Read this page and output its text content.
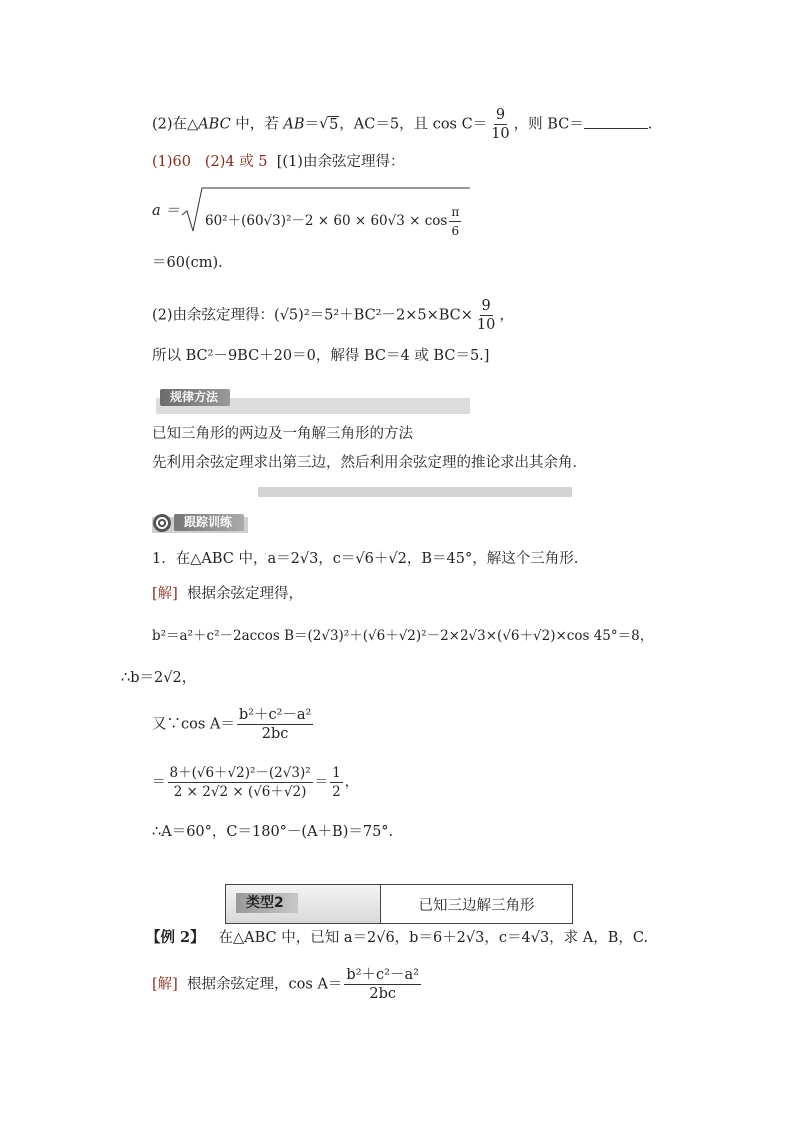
(2)在△ABC 中，若 AB＝√ 5，AC＝5，且 $\cos C= \frac{9}{10}$ ，则 BC＝	.
(1)60 (2)4 或 5 [(1)由余弦定理得：
a ＝
$60^2+(60√3)^2-2 \times 60 \times 60√3 \times \cos \frac{\pi}{6}$
＝60(cm)．
(2)由余弦定理得：$(√5)^2=5^2+BC^2-2\times 5\times BC\times \frac{9}{10}$ ，
所以 BC²－9BC＋20＝0，解得 BC＝4 或 BC＝5.]
规律方法
已知三角形的两边及一角解三角形的方法
先利用余弦定理求出第三边，然后利用余弦定理的推论求出其余角．
跟踪训练
1．在△ABC 中，a＝2√3，c＝√6＋√2，B＝45°，解这个三角形.
[解] 根据余弦定理得，
b²＝a²＋c²－2accos B＝(2√3)²＋(√6＋√2)²－2×2√3×(√6＋√2)×cos 45°＝8，
∴b＝2√2，
又∵cos $A= \frac{\text{b²＋c²－a²}}{2bc}$
＝ $\frac{\text{8＋(√6＋√2)²－(2√3)²}}{2 \times 2√2 \times (√6+√2)} = \frac{1}{2}$ ，
∴A＝60°，C＝180°－(A＋B)＝75°.
类型2	已知三边解三角形
【例 2】 在△ABC 中，已知 a＝2√6，b＝6＋2√3，c＝4√3，求 A，B，C.
[解] 根据余弦定理，$\cos A= \frac{\text{b²＋c²－a²}}{2bc}$
